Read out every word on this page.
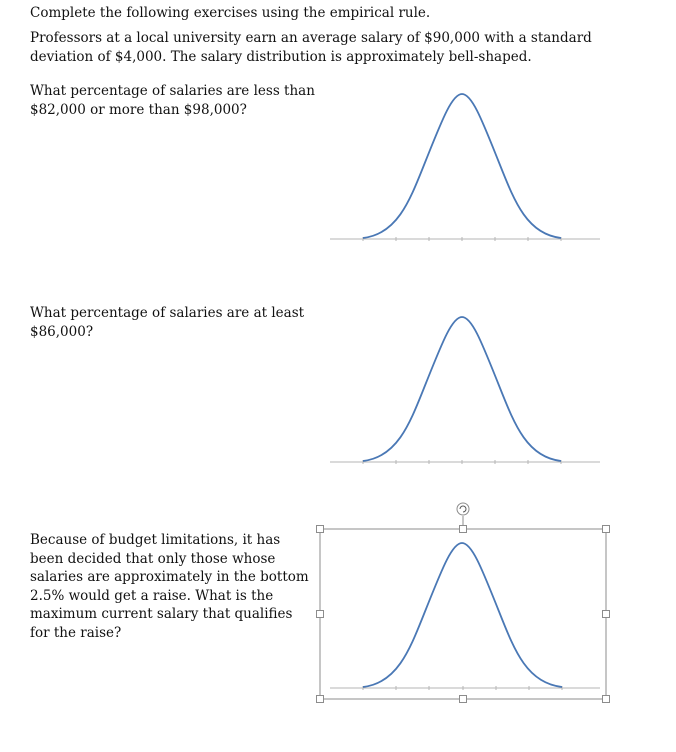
Complete the following exercises using the empirical rule.

Professors at a local university earn an average salary of $90,000 with a standard deviation of $4,000. The salary distribution is approximately bell-shaped.

What percentage of salaries are less than $82,000 or more than $98,000?

What percentage of salaries are at least $86,000?

Because of budget limitations, it has been decided that only those whose salaries are approximately in the bottom 2.5% would get a raise. What is the maximum current salary that qualifies for the raise?
